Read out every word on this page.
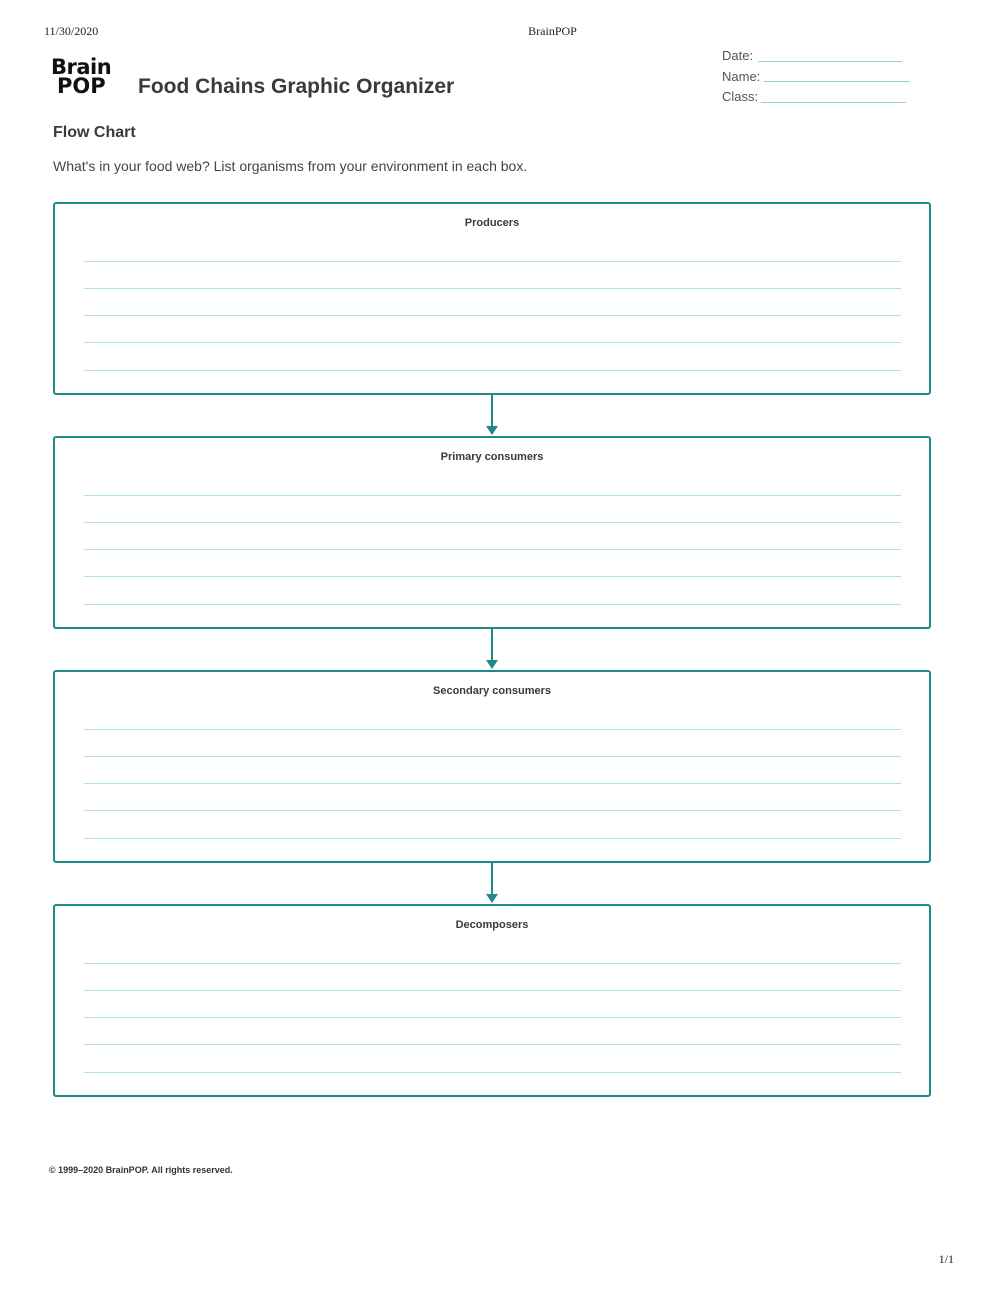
11/30/2020	BrainPOP
Brain
POP	Food Chains Graphic Organizer
Date:
Name:
Class:
Flow Chart
What's in your food web? List organisms from your environment in each box.
Producers
Primary consumers
Secondary consumers
Decomposers
© 1999–2020 BrainPOP. All rights reserved.
1/1
